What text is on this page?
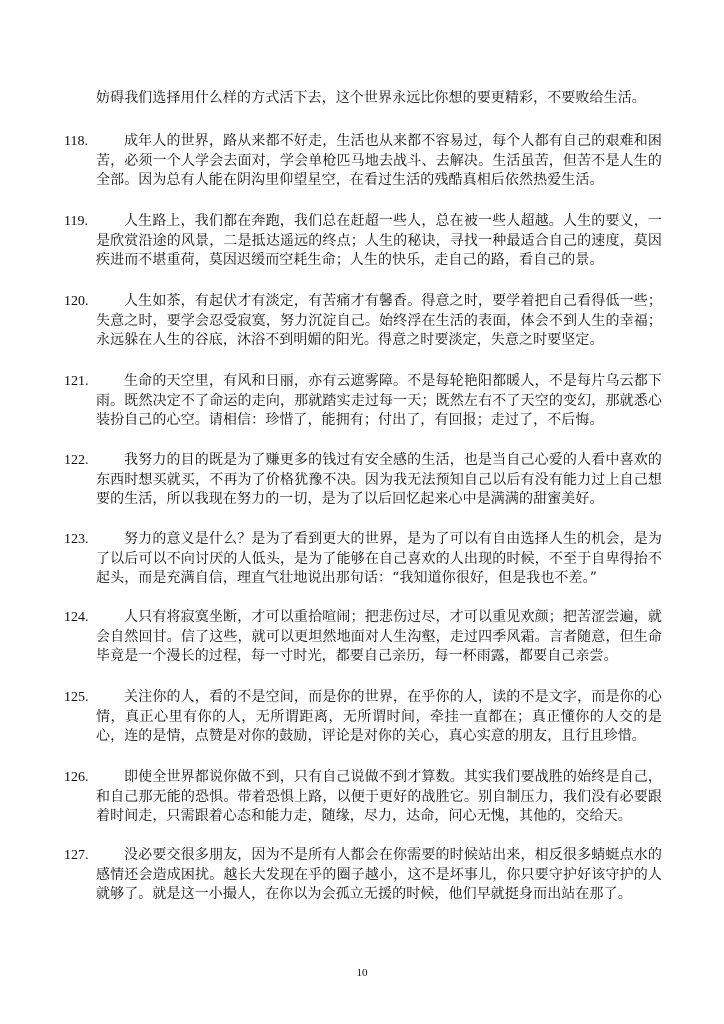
妨碍我们选择用什么样的方式活下去，这个世界永远比你想的要更精彩，不要败给生活。

118.	成年人的世界，路从来都不好走，生活也从来都不容易过，每个人都有自己的艰难和困苦，必须一个人学会去面对，学会单枪匹马地去战斗、去解决。生活虽苦，但苦不是人生的全部。因为总有人能在阴沟里仰望星空，在看过生活的残酷真相后依然热爱生活。

119.	人生路上，我们都在奔跑，我们总在赶超一些人，总在被一些人超越。人生的要义，一是欣赏沿途的风景，二是抵达遥远的终点；人生的秘诀，寻找一种最适合自己的速度，莫因疾进而不堪重荷，莫因迟缓而空耗生命；人生的快乐，走自己的路，看自己的景。

120.	人生如茶，有起伏才有淡定，有苦痛才有馨香。得意之时，要学着把自己看得低一些；失意之时，要学会忍受寂寞，努力沉淀自己。始终浮在生活的表面，体会不到人生的幸福；永远躲在人生的谷底，沐浴不到明媚的阳光。得意之时要淡定，失意之时要坚定。

121.	生命的天空里，有风和日丽，亦有云遮雾障。不是每轮艳阳都暖人，不是每片乌云都下雨。既然决定不了命运的走向，那就踏实走过每一天；既然左右不了天空的变幻，那就悉心装扮自己的心空。请相信：珍惜了，能拥有；付出了，有回报；走过了，不后悔。

122.	我努力的目的既是为了赚更多的钱过有安全感的生活，也是当自己心爱的人看中喜欢的东西时想买就买，不再为了价格犹豫不决。因为我无法预知自己以后有没有能力过上自己想要的生活，所以我现在努力的一切，是为了以后回忆起来心中是满满的甜蜜美好。

123.	努力的意义是什么？是为了看到更大的世界，是为了可以有自由选择人生的机会，是为了以后可以不向讨厌的人低头，是为了能够在自己喜欢的人出现的时候，不至于自卑得抬不起头，而是充满自信，理直气壮地说出那句话：“我知道你很好，但是我也不差。”

124.	人只有将寂寞坐断，才可以重拾喧闹；把悲伤过尽，才可以重见欢颜；把苦涩尝遍，就会自然回甘。信了这些，就可以更坦然地面对人生沟壑，走过四季风霜。言者随意，但生命毕竟是一个漫长的过程，每一寸时光，都要自己亲历，每一杯雨露，都要自己亲尝。

125.	关注你的人，看的不是空间，而是你的世界，在乎你的人，读的不是文字，而是你的心情，真正心里有你的人，无所谓距离，无所谓时间，牵挂一直都在；真正懂你的人交的是心，连的是情，点赞是对你的鼓励，评论是对你的关心，真心实意的朋友，且行且珍惜。

126.	即使全世界都说你做不到，只有自己说做不到才算数。其实我们要战胜的始终是自己，和自己那无能的恐惧。带着恐惧上路，以便于更好的战胜它。别自制压力，我们没有必要跟着时间走，只需跟着心态和能力走，随缘，尽力，达命，问心无愧，其他的，交给天。

127.	没必要交很多朋友，因为不是所有人都会在你需要的时候站出来，相反很多蜻蜓点水的感情还会造成困扰。越长大发现在乎的圈子越小，这不是坏事儿，你只要守护好该守护的人就够了。就是这一小撮人，在你以为会孤立无援的时候，他们早就挺身而出站在那了。

10
